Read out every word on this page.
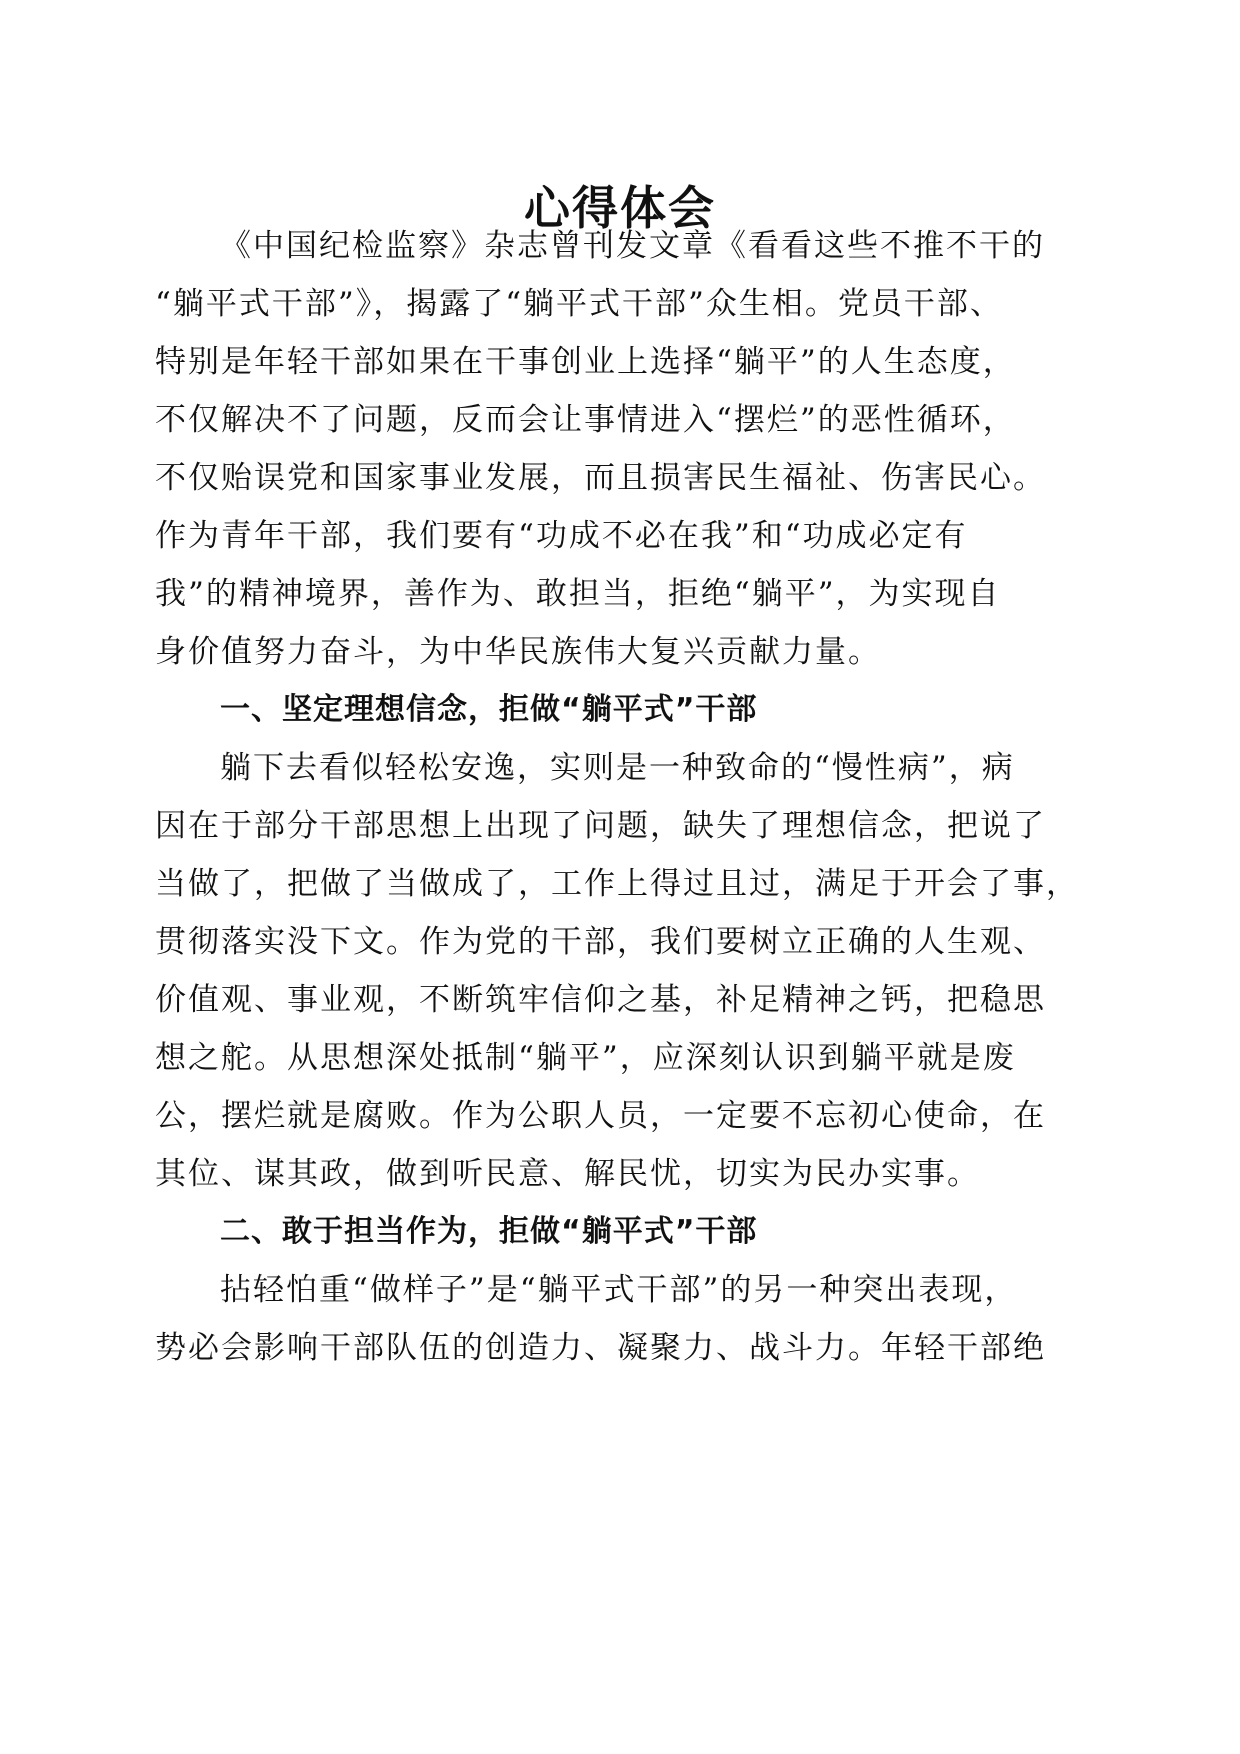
心得体会
《中国纪检监察》杂志曾刊发文章《看看这些不推不干的
“躺平式干部”》，揭露了“躺平式干部”众生相。党员干部、
特别是年轻干部如果在干事创业上选择“躺平”的人生态度，
不仅解决不了问题，反而会让事情进入“摆烂”的恶性循环，
不仅贻误党和国家事业发展，而且损害民生福祉、伤害民心。
作为青年干部，我们要有“功成不必在我”和“功成必定有
我”的精神境界，善作为、敢担当，拒绝“躺平”，为实现自
身价值努力奋斗，为中华民族伟大复兴贡献力量。
一、坚定理想信念，拒做“躺平式”干部
躺下去看似轻松安逸，实则是一种致命的“慢性病”，病
因在于部分干部思想上出现了问题，缺失了理想信念，把说了
当做了，把做了当做成了，工作上得过且过，满足于开会了事，
贯彻落实没下文。作为党的干部，我们要树立正确的人生观、
价值观、事业观，不断筑牢信仰之基，补足精神之钙，把稳思
想之舵。从思想深处抵制“躺平”，应深刻认识到躺平就是废
公，摆烂就是腐败。作为公职人员，一定要不忘初心使命，在
其位、谋其政，做到听民意、解民忧，切实为民办实事。
二、敢于担当作为，拒做“躺平式”干部
拈轻怕重“做样子”是“躺平式干部”的另一种突出表现，
势必会影响干部队伍的创造力、凝聚力、战斗力。年轻干部绝
